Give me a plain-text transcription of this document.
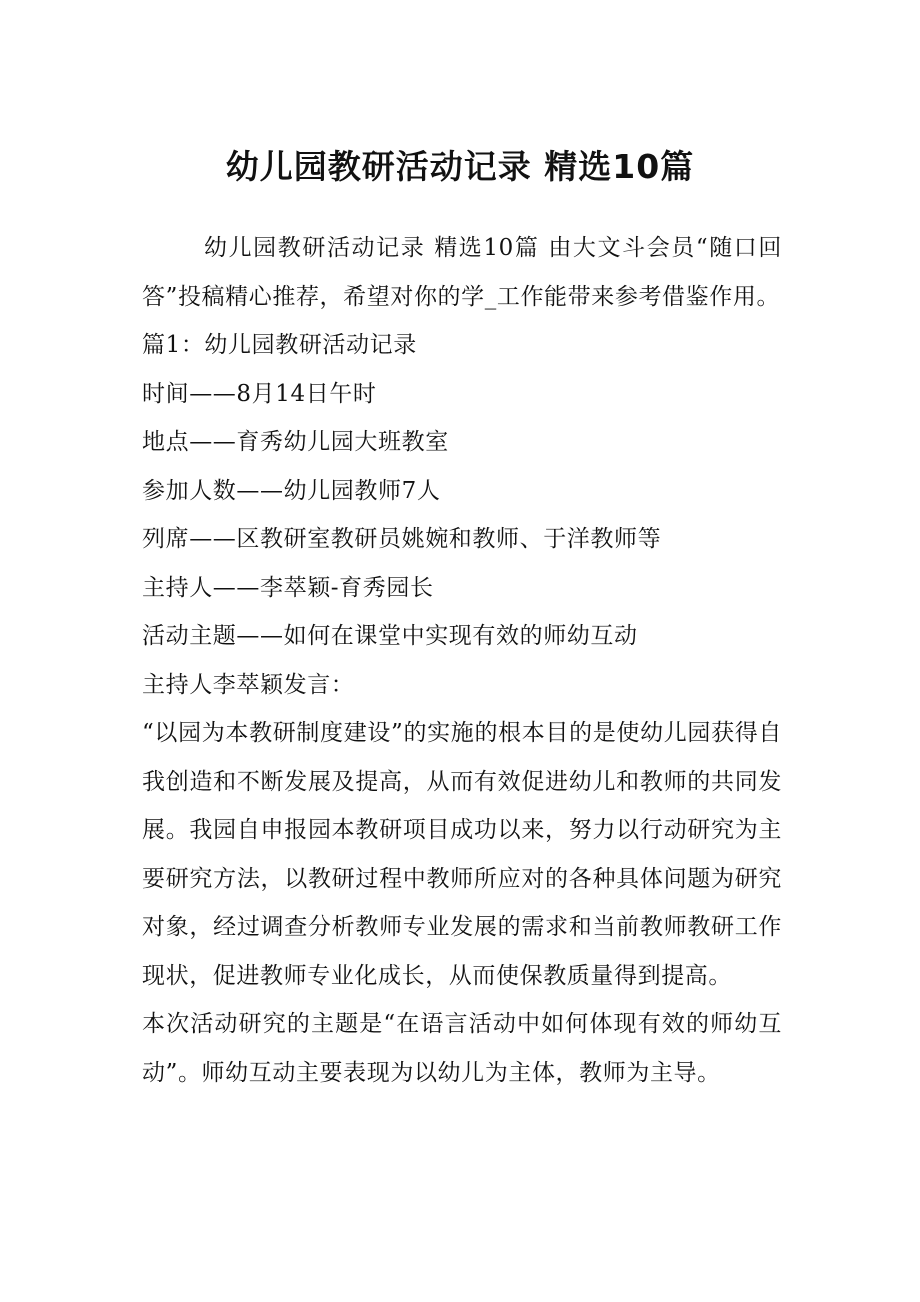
幼儿园教研活动记录 精选10篇

幼儿园教研活动记录 精选10篇 由大文斗会员“随口回答”投稿精心推荐，希望对你的学_工作能带来参考借鉴作用。

篇1：幼儿园教研活动记录

时间——8月14日午时

地点——育秀幼儿园大班教室

参加人数——幼儿园教师7人

列席——区教研室教研员姚婉和教师、于洋教师等

主持人——李萃颖-育秀园长

活动主题——如何在课堂中实现有效的师幼互动

主持人李萃颖发言：

“以园为本教研制度建设”的实施的根本目的是使幼儿园获得自我创造和不断发展及提高，从而有效促进幼儿和教师的共同发展。我园自申报园本教研项目成功以来，努力以行动研究为主要研究方法，以教研过程中教师所应对的各种具体问题为研究对象，经过调查分析教师专业发展的需求和当前教师教研工作现状，促进教师专业化成长，从而使保教质量得到提高。

本次活动研究的主题是“在语言活动中如何体现有效的师幼互动”。师幼互动主要表现为以幼儿为主体，教师为主导。
